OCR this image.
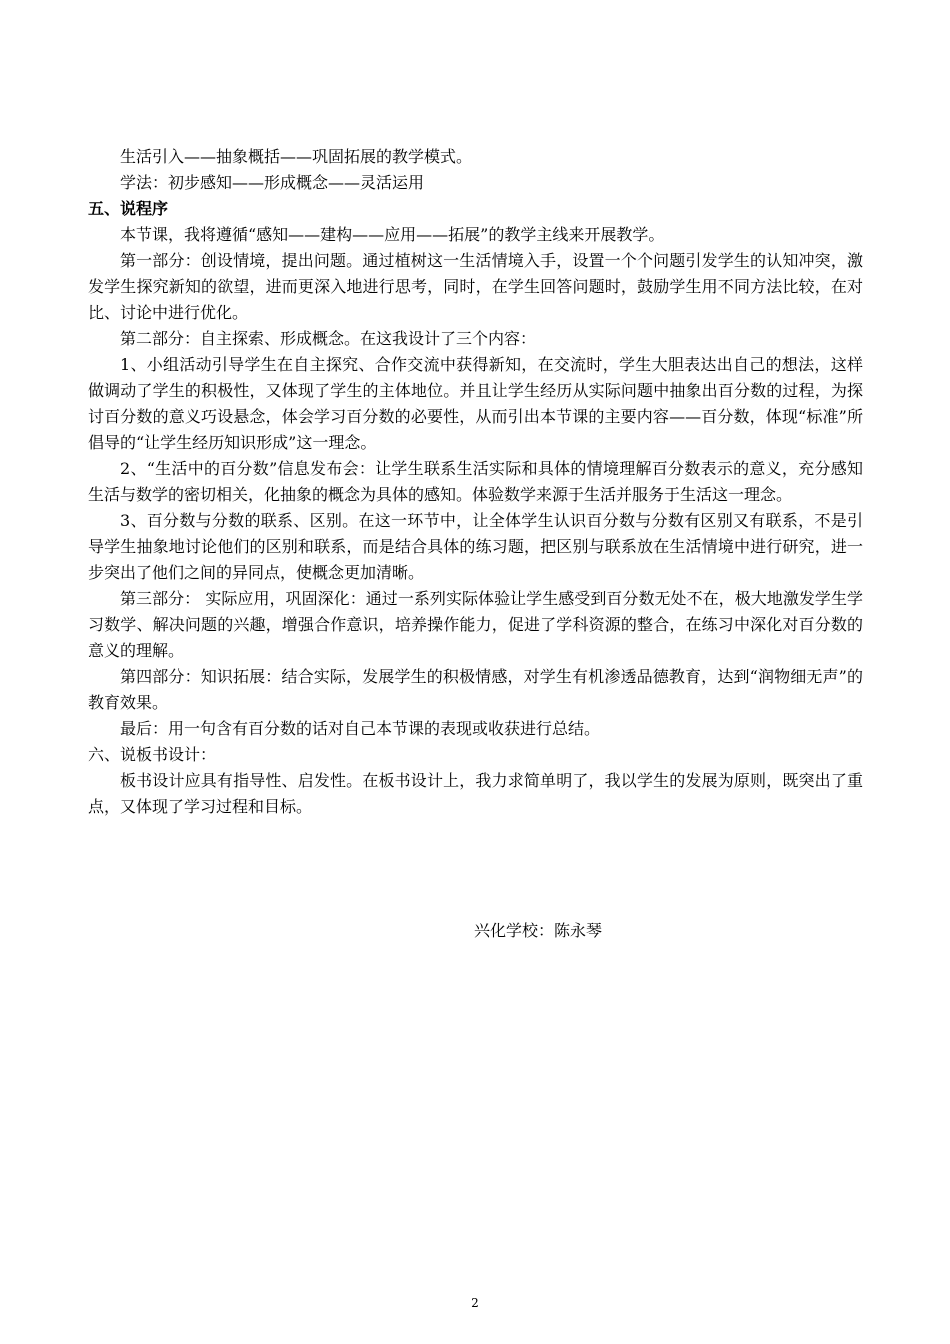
生活引入——抽象概括——巩固拓展的教学模式。

学法：初步感知——形成概念——灵活运用

五、说程序

本节课，我将遵循“感知——建构——应用——拓展”的教学主线来开展教学。

第一部分：创设情境，提出问题。通过植树这一生活情境入手，设置一个个问题引发学生的认知冲突，激发学生探究新知的欲望，进而更深入地进行思考，同时，在学生回答问题时，鼓励学生用不同方法比较，在对比、讨论中进行优化。

第二部分：自主探索、形成概念。在这我设计了三个内容：

1、小组活动引导学生在自主探究、合作交流中获得新知，在交流时，学生大胆表达出自己的想法，这样做调动了学生的积极性，又体现了学生的主体地位。并且让学生经历从实际问题中抽象出百分数的过程，为探讨百分数的意义巧设悬念，体会学习百分数的必要性，从而引出本节课的主要内容——百分数，体现“标准”所倡导的“让学生经历知识形成”这一理念。

2、“生活中的百分数”信息发布会：让学生联系生活实际和具体的情境理解百分数表示的意义，充分感知生活与数学的密切相关，化抽象的概念为具体的感知。体验数学来源于生活并服务于生活这一理念。

3、百分数与分数的联系、区别。在这一环节中，让全体学生认识百分数与分数有区别又有联系，不是引导学生抽象地讨论他们的区别和联系，而是结合具体的练习题，把区别与联系放在生活情境中进行研究，进一步突出了他们之间的异同点，使概念更加清晰。

第三部分： 实际应用，巩固深化：通过一系列实际体验让学生感受到百分数无处不在，极大地激发学生学习数学、解决问题的兴趣，增强合作意识，培养操作能力，促进了学科资源的整合，在练习中深化对百分数的意义的理解。

第四部分：知识拓展：结合实际，发展学生的积极情感，对学生有机渗透品德教育，达到“润物细无声”的教育效果。

最后：用一句含有百分数的话对自己本节课的表现或收获进行总结。

六、说板书设计：

板书设计应具有指导性、启发性。在板书设计上，我力求简单明了，我以学生的发展为原则，既突出了重点，又体现了学习过程和目标。

兴化学校：陈永琴
2
